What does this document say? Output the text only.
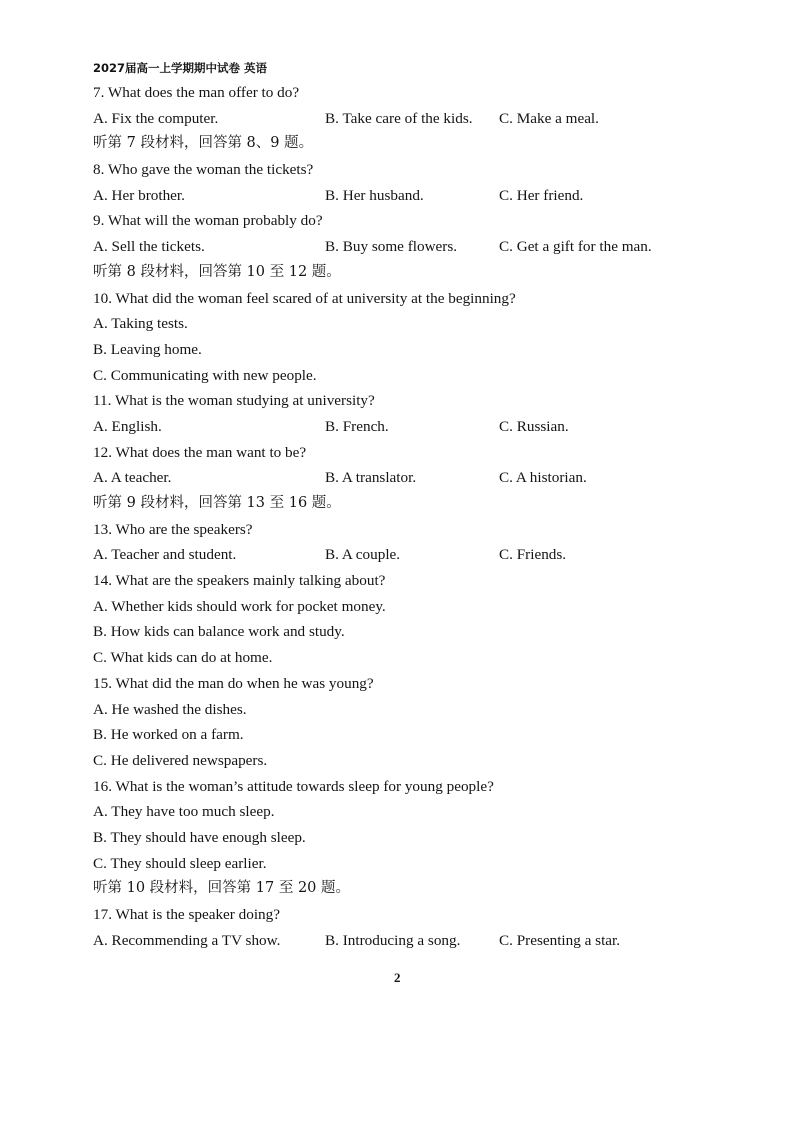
2027届高一上学期期中试卷 英语
7. What does the man offer to do?
A. Fix the computer.	B. Take care of the kids.	C. Make a meal.
听第 7 段材料，回答第 8、9 题。
8. Who gave the woman the tickets?
A. Her brother.	B. Her husband.	C. Her friend.
9. What will the woman probably do?
A. Sell the tickets.	B. Buy some flowers.	C. Get a gift for the man.
听第 8 段材料，回答第 10 至 12 题。
10. What did the woman feel scared of at university at the beginning?
A. Taking tests.
B. Leaving home.
C. Communicating with new people.
11. What is the woman studying at university?
A. English.	B. French.	C. Russian.
12. What does the man want to be?
A. A teacher.	B. A translator.	C. A historian.
听第 9 段材料，回答第 13 至 16 题。
13. Who are the speakers?
A. Teacher and student.	B. A couple.	C. Friends.
14. What are the speakers mainly talking about?
A. Whether kids should work for pocket money.
B. How kids can balance work and study.
C. What kids can do at home.
15. What did the man do when he was young?
A. He washed the dishes.
B. He worked on a farm.
C. He delivered newspapers.
16. What is the woman’s attitude towards sleep for young people?
A. They have too much sleep.
B. They should have enough sleep.
C. They should sleep earlier.
听第 10 段材料，回答第 17 至 20 题。
17. What is the speaker doing?
A. Recommending a TV show.	B. Introducing a song.	C. Presenting a star.
2
